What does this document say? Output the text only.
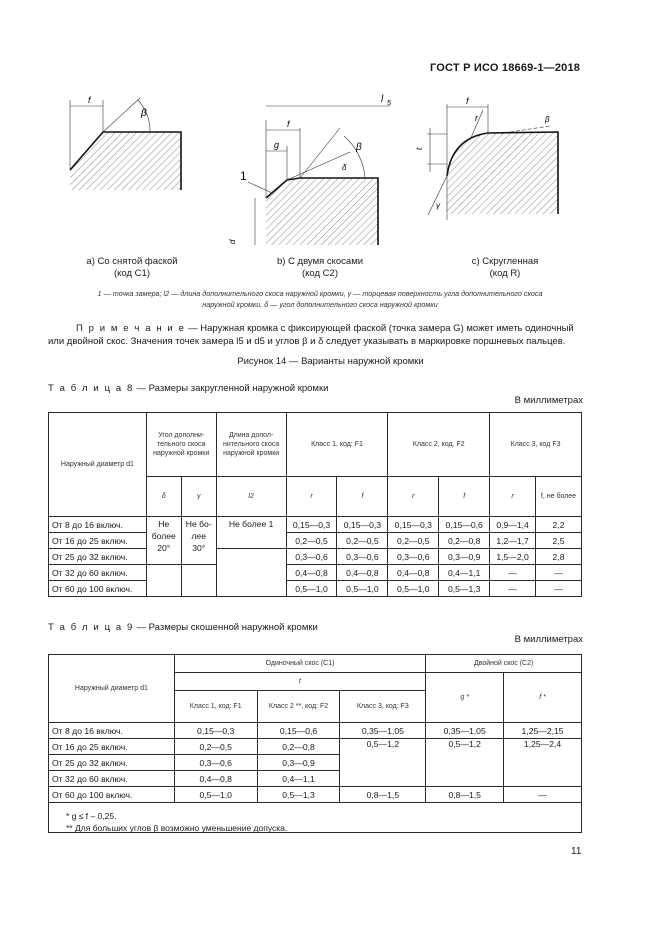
ГОСТ Р ИСО 18669-1—2018
f
β
l 5
f
g	β
δ
1
d
f
r	β
t
γ
a) Со снятой фаской
(код С1)
b) С двумя скосами
(код С2)
c) Скругленная
(код R)
1 — точка замера; l2 — длина дополнительного скоса наружной кромки, γ — торцевая поверхность угла дополнительного скоса
наружной кромки, δ — угол дополнительного скоса наружной кромки
П р и м е ч а н и е — Наружная кромка с фиксирующей фаской (точка замера G) может иметь одиночный
или двойной скос. Значения точек замера l5 и d5 и углов β и δ следует указывать в маркировке поршневых пальцев.
Рисунок 14 — Варианты наружной кромки
Т а б л и ц а 8 — Размеры закругленной наружной кромки
В миллиметрах
Наружный диаметр d1	Угол дополни-тельного скоса наружной кромки		Длина допол-нительного скоса наружной кромки	Класс 1, код: F1		Класс 2, код. F2		Класс 3, код F3	
	δ	γ	l2	r	f	r	f	r	f, не более
От 8 до 16 включ.	Не более 20°	Не бо-лее 30°	Не более 1	0,15—0,3	0,15—0,3	0,15—0,3	0,15—0,6	0,9—1,4	2,2
От 16 до 25 включ.				0,2—0,5	0,2—0,5	0,2—0,5	0,2—0,8	1,2—1,7	2,5
От 25 до 32 включ.				0,3—0,6	0,3—0,6	0,3—0,6	0,3—0,9	1,5—2,0	2,8
От 32 до 60 включ.				0,4—0,8	0,4—0,8	0,4—0,8	0,4—1,1	—	—
От 60 до 100 включ.				0,5—1,0	0,5—1,0	0,5—1,0	0,5—1,3	—	—
Т а б л и ц а 9 — Размеры скошенной наружной кромки
В миллиметрах
Наружный диаметр d1	Одиночный скос (С1)			Двойной скос (С2)	
	t			g *	f *
	Класс 1, код: F1	Класс 2 **, код: F2	Класс 3, код: F3		
От 8 до 16 включ.	0,15—0,3	0,15—0,6	0,35—1,05	0,35—1,05	1,25—2,15
От 16 до 25 включ.	0,2—0,5	0,2—0,8	0,5—1,2	0,5—1,2	1,25—2,4
От 25 до 32 включ.	0,3—0,6	0,3—0,9			
От 32 до 60 включ.	0,4—0,8	0,4—1,1			
От 60 до 100 включ.	0,5—1,0	0,5—1,3	0,8—1,5	0,8—1,5	—

* g ≤ f – 0,25.
** Для больших углов β возможно уменьшение допуска.
11
